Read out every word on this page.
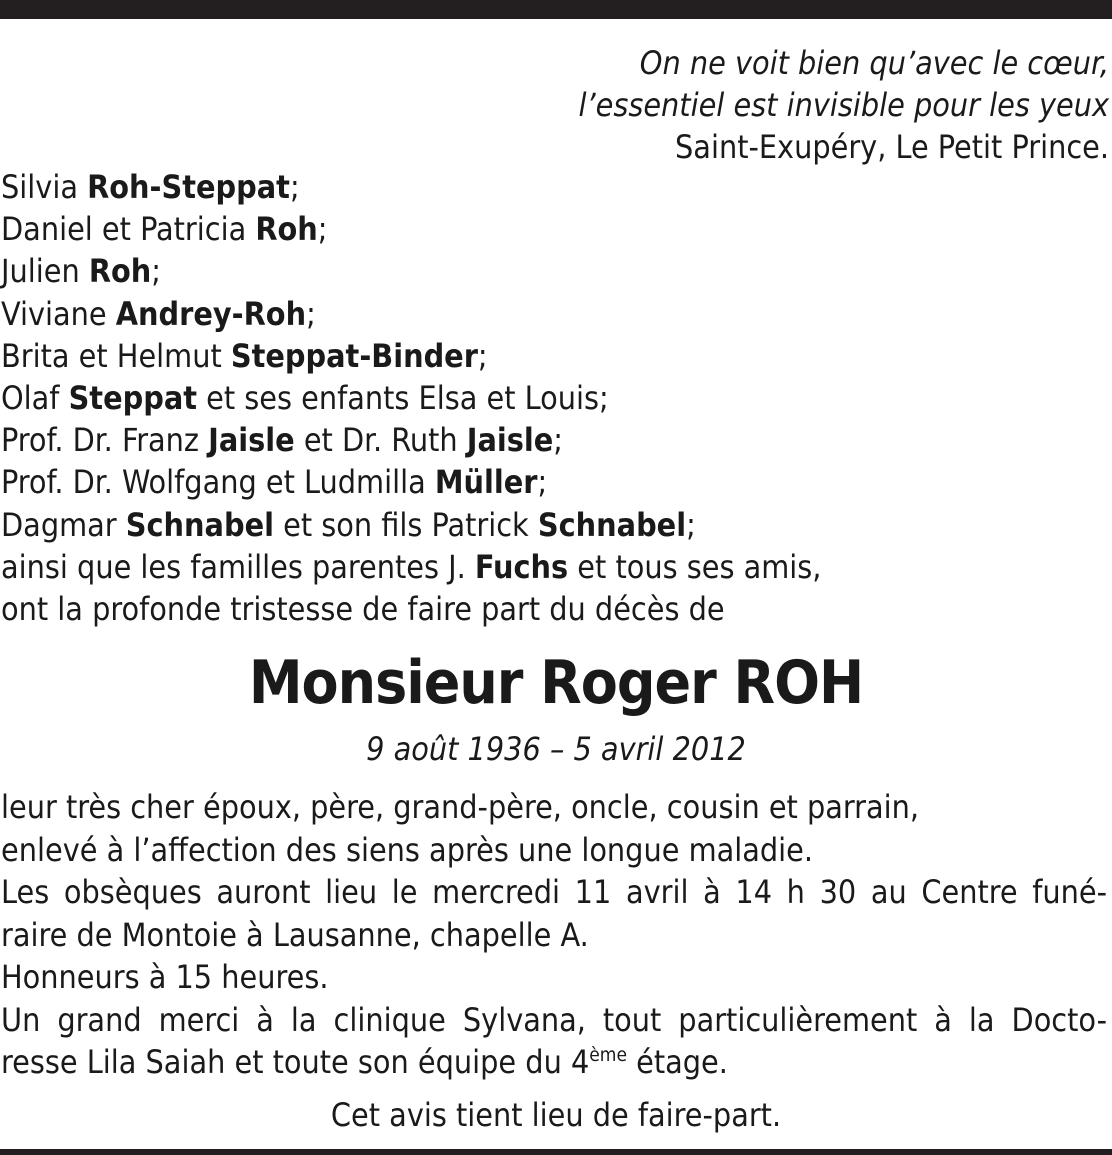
On ne voit bien qu’avec le cœur,
l’essentiel est invisible pour les yeux
Saint-Exupéry, Le Petit Prince.
Silvia Roh-Steppat;
Daniel et Patricia Roh;
Julien Roh;
Viviane Andrey-Roh;
Brita et Helmut Steppat-Binder;
Olaf Steppat et ses enfants Elsa et Louis;
Prof. Dr. Franz Jaisle et Dr. Ruth Jaisle;
Prof. Dr. Wolfgang et Ludmilla Müller;
Dagmar Schnabel et son fils Patrick Schnabel;
ainsi que les familles parentes J. Fuchs et tous ses amis,
ont la profonde tristesse de faire part du décès de
Monsieur Roger ROH
9 août 1936 – 5 avril 2012
leur très cher époux, père, grand-père, oncle, cousin et parrain,
enlevé à l’affection des siens après une longue maladie.
Les obsèques auront lieu le mercredi 11 avril à 14 h 30 au Centre funé-
raire de Montoie à Lausanne, chapelle A.
Honneurs à 15 heures.
Un grand merci à la clinique Sylvana, tout particulièrement à la Docto-
resse Lila Saiah et toute son équipe du 4ème étage.
Cet avis tient lieu de faire-part.
